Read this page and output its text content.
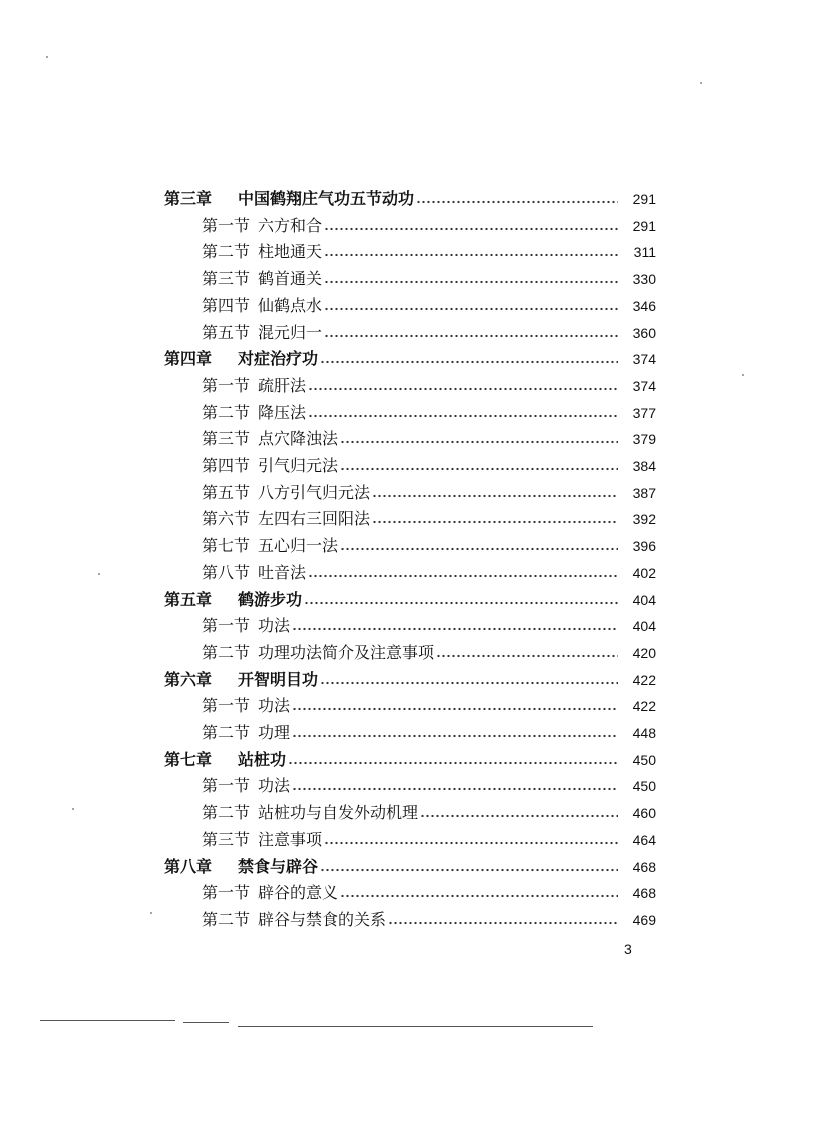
第三章	中国鹤翔庄气功五节动功	291
第一节 六方和合	291
第二节 柱地通天	311
第三节 鹤首通关	330
第四节 仙鹤点水	346
第五节 混元归一	360
第四章	对症治疗功	374
第一节 疏肝法	374
第二节 降压法	377
第三节 点穴降浊法	379
第四节 引气归元法	384
第五节 八方引气归元法	387
第六节 左四右三回阳法	392
第七节 五心归一法	396
第八节 吐音法	402
第五章	鹤游步功	404
第一节 功法	404
第二节 功理功法简介及注意事项	420
第六章	开智明目功	422
第一节 功法	422
第二节 功理	448
第七章	站桩功	450
第一节 功法	450
第二节 站桩功与自发外动机理	460
第三节 注意事项	464
第八章	禁食与辟谷	468
第一节 辟谷的意义	468
第二节 辟谷与禁食的关系	469
3
